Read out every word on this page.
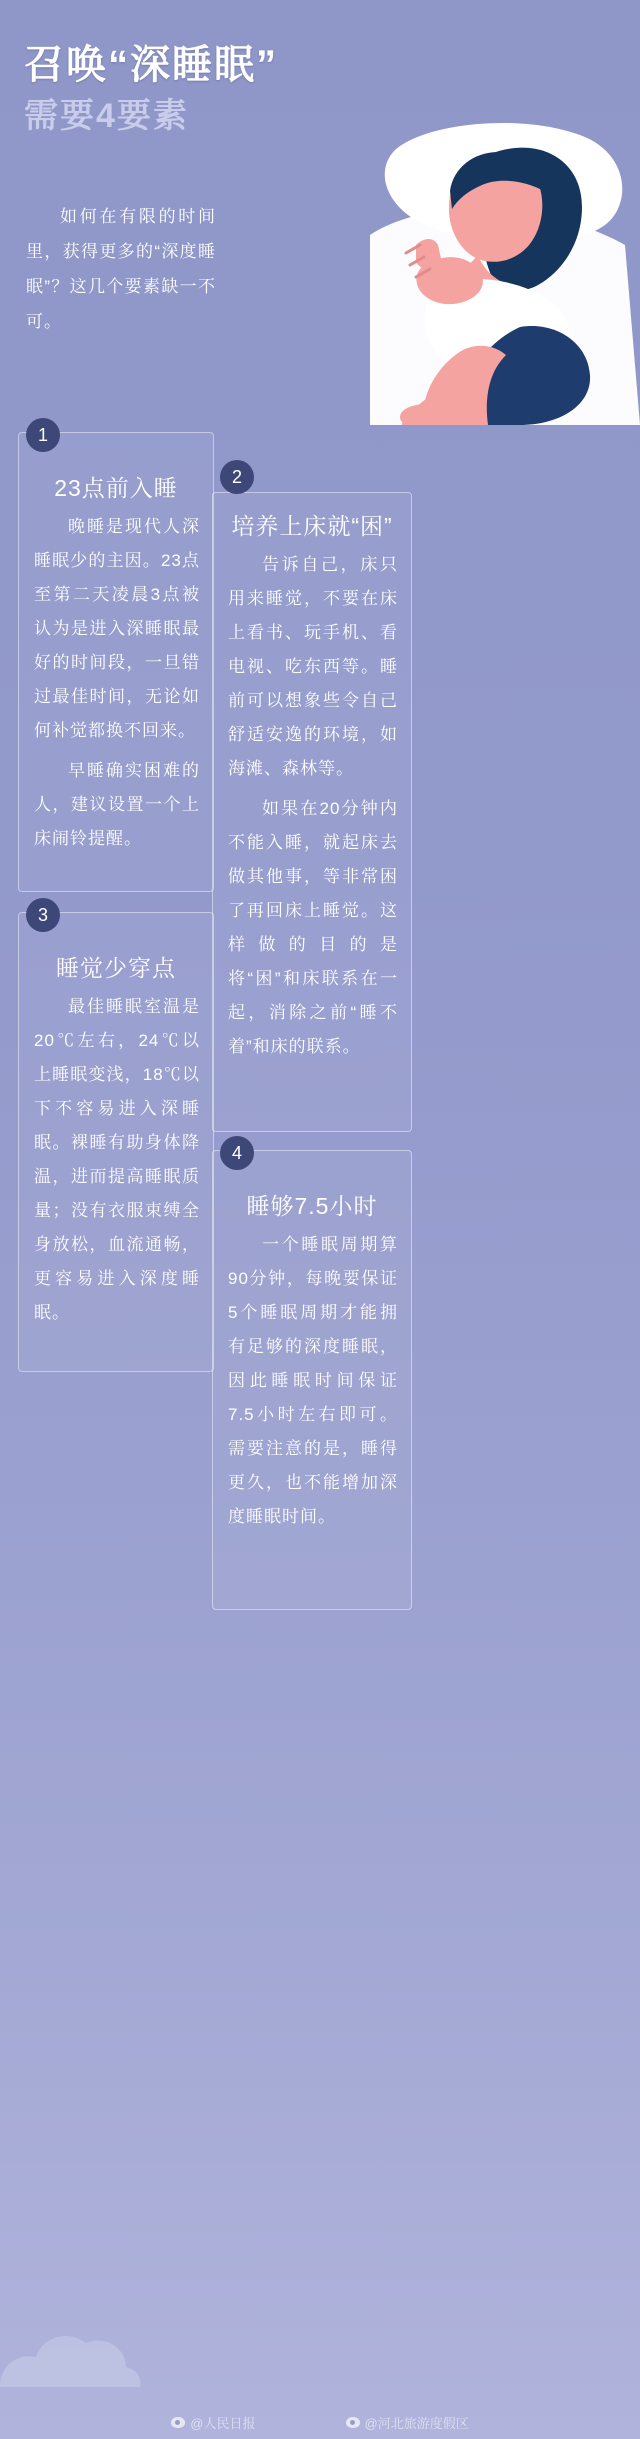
召唤“深睡眠”
需要4要素
如何在有限的时间里，获得更多的“深度睡眠”？这几个要素缺一不可。
1
23点前入睡

晚睡是现代人深睡眠少的主因。23点至第二天凌晨3点被认为是进入深睡眠最好的时间段，一旦错过最佳时间，无论如何补觉都换不回来。

早睡确实困难的人，建议设置一个上床闹铃提醒。

2
培养上床就“困”

告诉自己，床只用来睡觉，不要在床上看书、玩手机、看电视、吃东西等。睡前可以想象些令自己舒适安逸的环境，如海滩、森林等。

如果在20分钟内不能入睡，就起床去做其他事，等非常困了再回床上睡觉。这样做的目的是将“困”和床联系在一起，消除之前“睡不着”和床的联系。

3
睡觉少穿点

最佳睡眠室温是20℃左右，24℃以上睡眠变浅，18℃以下不容易进入深睡眠。裸睡有助身体降温，进而提高睡眠质量；没有衣服束缚全身放松，血流通畅，更容易进入深度睡眠。

4
睡够7.5小时

一个睡眠周期算90分钟，每晚要保证5个睡眠周期才能拥有足够的深度睡眠，因此睡眠时间保证7.5小时左右即可。需要注意的是，睡得更久，也不能增加深度睡眠时间。

@人民日报	@河北旅游度假区
